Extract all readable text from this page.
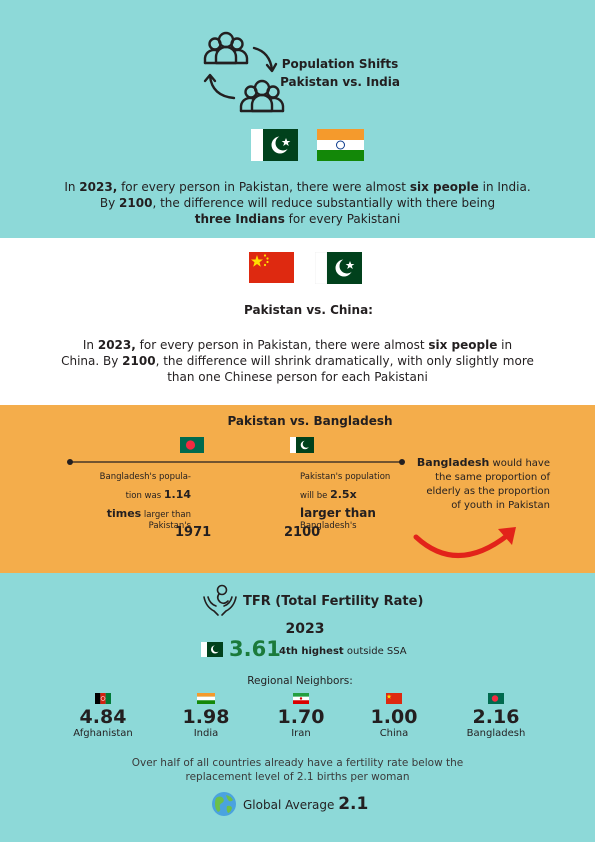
Population Shifts
Pakistan vs. India
In 2023, for every person in Pakistan, there were almost six people in India.
By 2100, the difference will reduce substantially with there being
three Indians for every Pakistani
Pakistan vs. China:
In 2023, for every person in Pakistan, there were almost six people in
China. By 2100, the difference will shrink dramatically, with only slightly more
than one Chinese person for each Pakistani
Pakistan vs. Bangladesh
Bangladesh's popula-
tion was 1.14
times larger than
Pakistan's
Pakistan's population
will be 2.5x
larger than
Bangladesh's
1971	2100
Bangladesh would have
the same proportion of
elderly as the proportion
of youth in Pakistan
TFR (Total Fertility Rate)
2023
3.61
4th highest outside SSA
Regional Neighbors:
4.84
Afghanistan
1.98
India
1.70
Iran
1.00
China
2.16
Bangladesh
Over half of all countries already have a fertility rate below the
replacement level of 2.1 births per woman
Global Average 2.1
